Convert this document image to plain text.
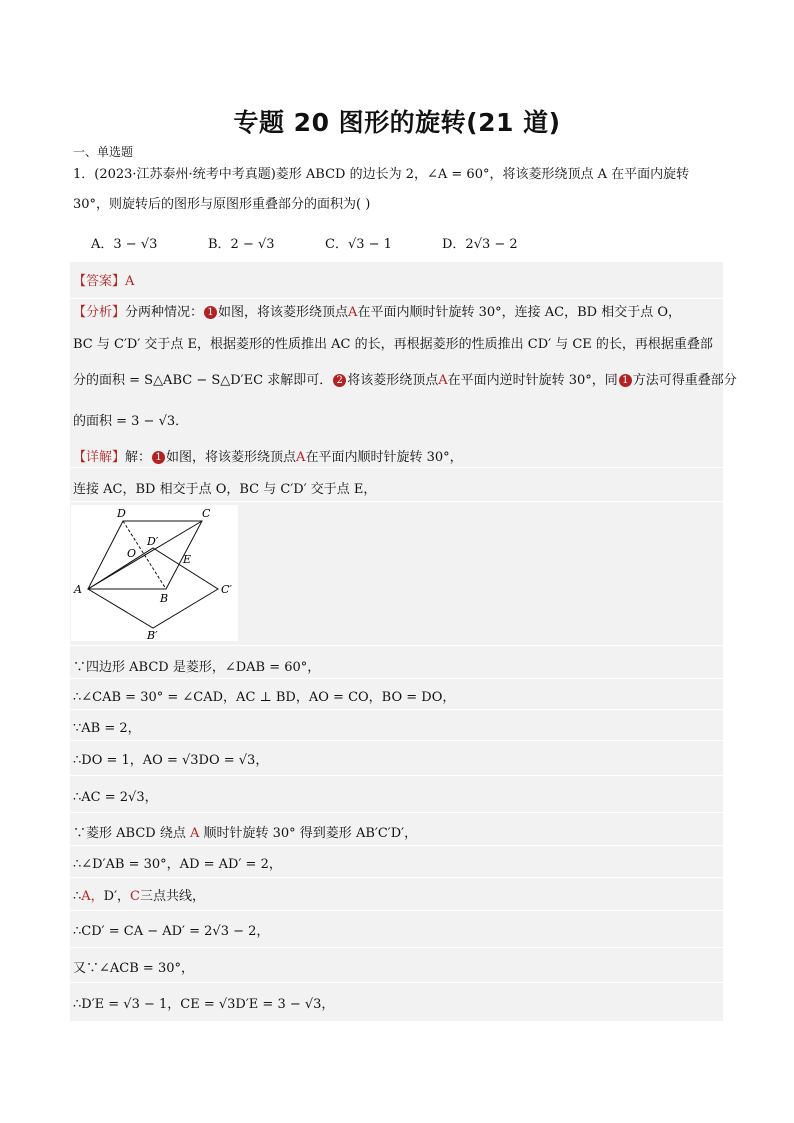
专题 20 图形的旋转(21 道)
一、单选题
1．(2023·江苏泰州·统考中考真题)菱形 ABCD 的边长为 2，∠A = 60°，将该菱形绕顶点 A 在平面内旋转
30°，则旋转后的图形与原图形重叠部分的面积为( )
A．3 − √3	B．2 − √3	C．√3 − 1	D．2√3 − 2
【答案】A
【分析】分两种情况： 1 如图，将该菱形绕顶点A在平面内顺时针旋转 30°，连接 AC，BD 相交于点 O，
BC 与 C′D′ 交于点 E，根据菱形的性质推出 AC 的长，再根据菱形的性质推出 CD′ 与 CE 的长，再根据重叠部
分的面积 = S△ABC − S△D′EC 求解即可． 2 将该菱形绕顶点A在平面内逆时针旋转 30°，同 1 方法可得重叠部分
的面积 = 3 − √3．
【详解】解： 1 如图，将该菱形绕顶点A在平面内顺时针旋转 30°，
连接 AC，BD 相交于点 O，BC 与 C′D′ 交于点 E，
D	C
O
D′
E
A
B
C′
B′
∵四边形 ABCD 是菱形，∠DAB = 60°，
∴∠CAB = 30° = ∠CAD，AC ⊥ BD，AO = CO，BO = DO，
∵AB = 2，
∴DO = 1，AO = √3DO = √3，
∴AC = 2√3，
∵菱形 ABCD 绕点 A 顺时针旋转 30° 得到菱形 AB′C′D′，
∴∠D′AB = 30°，AD = AD′ = 2，
∴A，D′，C三点共线，
∴CD′ = CA − AD′ = 2√3 − 2，
又∵∠ACB = 30°，
∴D′E = √3 − 1，CE = √3D′E = 3 − √3，
